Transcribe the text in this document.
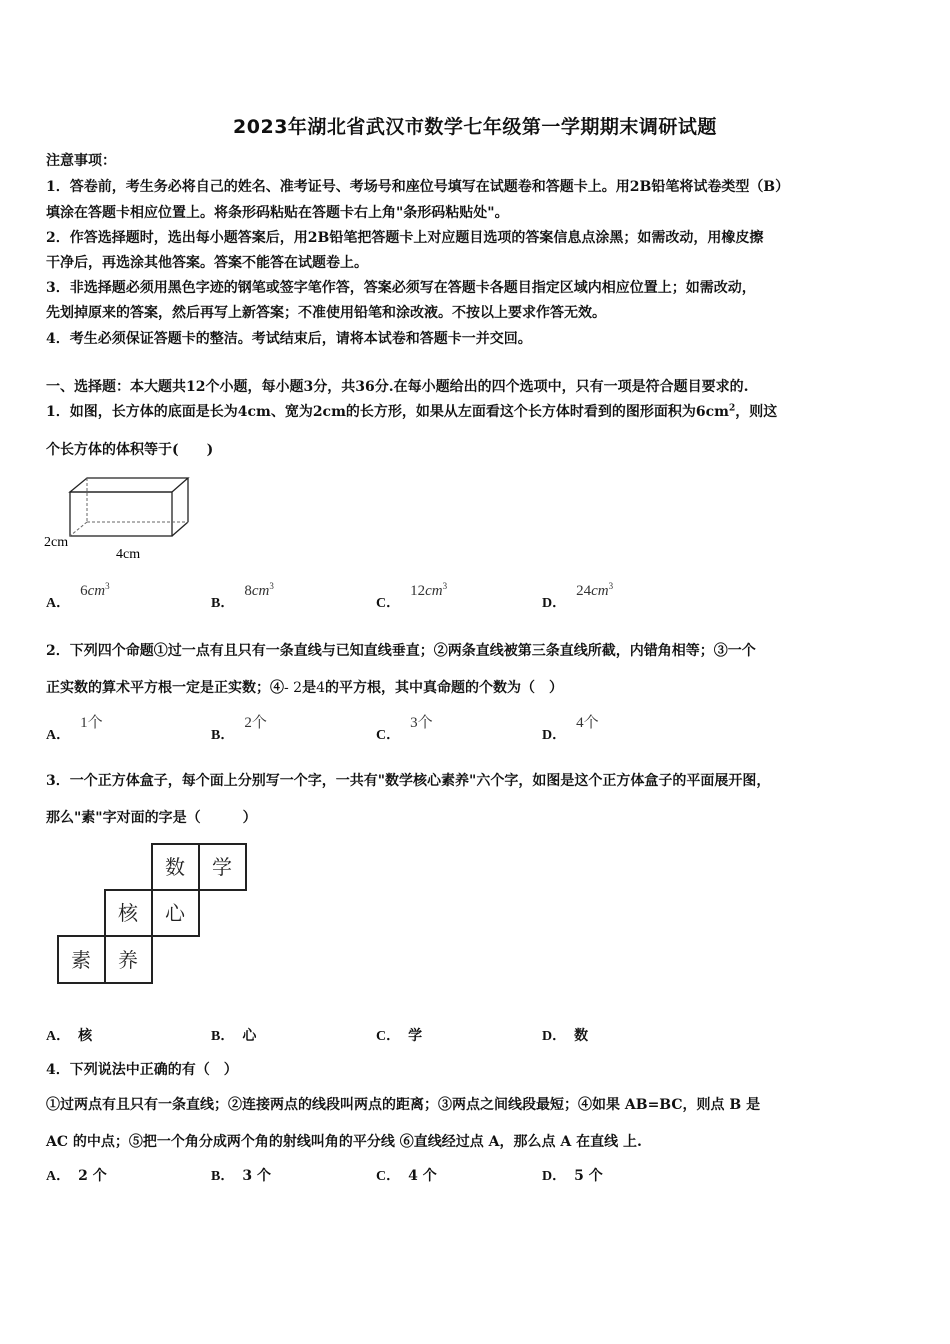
2023年湖北省武汉市数学七年级第一学期期末调研试题
注意事项：
1．答卷前，考生务必将自己的姓名、准考证号、考场号和座位号填写在试题卷和答题卡上。用2B铅笔将试卷类型（B）
填涂在答题卡相应位置上。将条形码粘贴在答题卡右上角"条形码粘贴处"。
2．作答选择题时，选出每小题答案后，用2B铅笔把答题卡上对应题目选项的答案信息点涂黑；如需改动，用橡皮擦
干净后，再选涂其他答案。答案不能答在试题卷上。
3．非选择题必须用黑色字迹的钢笔或签字笔作答，答案必须写在答题卡各题目指定区域内相应位置上；如需改动，
先划掉原来的答案，然后再写上新答案；不准使用铅笔和涂改液。不按以上要求作答无效。
4．考生必须保证答题卡的整洁。考试结束后，请将本试卷和答题卡一并交回。
一、选择题：本大题共12个小题，每小题3分，共36分.在每小题给出的四个选项中，只有一项是符合题目要求的.
1．如图，长方体的底面是长为4cm、宽为2cm的长方形，如果从左面看这个长方体时看到的图形面积为$6cm^2$，则这
个长方体的体积等于(　　)
2cm
4cm
A．$6cm^3$
B．$8cm^3$
C．$12cm^3$
D．$24cm^3$
2．下列四个命题①过一点有且只有一条直线与已知直线垂直；②两条直线被第三条直线所截，内错角相等；③一个
正实数的算术平方根一定是正实数；④- 2是4的平方根，其中真命题的个数为（　）
A．1个
B．2个
C．3个
D．4个
3．一个正方体盒子，每个面上分别写一个字，一共有"数学核心素养"六个字，如图是这个正方体盒子的平面展开图，
那么"素"字对面的字是（　　　）
数 学
核 心
素 养
A． 核	B． 心	C． 学	D． 数
4．下列说法中正确的有（　）
①过两点有且只有一条直线；②连接两点的线段叫两点的距离；③两点之间线段最短；④如果 AB=BC，则点 B 是
AC 的中点；⑤把一个角分成两个角的射线叫角的平分线 ⑥直线经过点 A，那么点 A 在直线 上.
A． 2 个	B． 3 个	C． 4 个	D． 5 个
